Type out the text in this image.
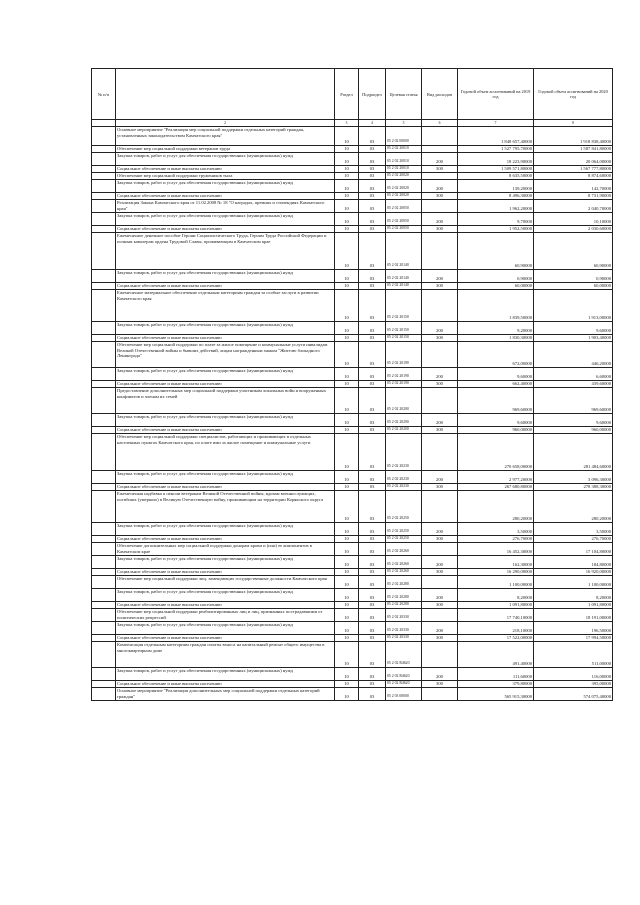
№ п/п		Раздел	Подраздел	Целевая статья	Вид расходов	Годовой объем ассигнований на 2019 год	Годовой объем ассигнований на 2020 год
	2	3	4	5	6	7	8
	Основное мероприятие "Реализация мер социальной поддержки отдельных категорий граждан, установленных законодательством Камчатского края"	10	03	05 2 02 00000		1 848 657,40000	1 918 838,40000
	Обеспечение мер социальной поддержки ветеранов труда	10	03	05 2 02 20010		1 527 795,70000	1 587 841,80000
	Закупка товаров, работ и услуг для обеспечения государственных (муниципальных) нужд	10	03	05 2 02 20010	200	18 223,90000	20 064,00000
	Социальное обеспечение и иные выплаты населению	10	03	05 2 02 20010	300	1 509 571,80000	1 567 777,80000
	Обеспечение мер социальной поддержки тружеников тыла	10	03	05 2 02 20020		8 635,50000	8 874,60000
	Закупка товаров, работ и услуг для обеспечения государственных (муниципальных) нужд	10	03	05 2 02 20020	200	139,20000	142,70000
	Социальное обеспечение и иные выплаты населению	10	03	05 2 02 20020	300	8 496,30000	8 731,90000
	Реализация Закона Камчатского края от 11.02.2008 № 18 "О наградах, премиях и стипендиях Камчатского края"	10	03	05 2 02 20050		1 962,20000	2 040,70000
	Закупка товаров, работ и услуг для обеспечения государственных (муниципальных) нужд	10	03	05 2 02 20050	200	9,70000	10,10000
	Социальное обеспечение и иные выплаты населению	10	03	05 2 02 20050	300	1 952,50000	2 030,60000
	Ежемесячное денежное пособие Героям Социалистического Труда, Героям Труда Российской Федерации и полным кавалерам ордена Трудовой Славы, проживающим в Камчатском крае	10	03	05 2 02 20140		60,90000	60,90000
	Закупка товаров, работ и услуг для обеспечения государственных (муниципальных) нужд	10	03	05 2 02 20140	200	0,90000	0,90000
	Социальное обеспечение и иные выплаты населению	10	03	05 2 02 20140	300	60,00000	60,00000
	Ежемесячное материальное обеспечение отдельным категориям граждан за особые заслуги в развитии Камчатского края	10	03	05 2 02 20150		1 839,50000	1 913,00000
	Закупка товаров, работ и услуг для обеспечения государственных (муниципальных) нужд	10	03	05 2 02 20150	200	9,20000	9,60000
	Социальное обеспечение и иные выплаты населению	10	03	05 2 02 20150	300	1 830,30000	1 903,40000
	Обеспечение мер социальной поддержки по плате за жилое помещение и коммунальные услуги инвалидам Великой Отечественной войны и бывших действий, лицам награжденным знаком "Жителю блокадного Ленинграда"	10	03	05 2 02 20190		672,00000	446,20000
	Закупка товаров, работ и услуг для обеспечения государственных (муниципальных) нужд	10	03	05 2 02 20190	200	9,60000	6,60000
	Социальное обеспечение и иные выплаты населению	10	03	05 2 02 20190	300	662,40000	439,60000
	Предоставление дополнительных мер социальной поддержки участникам локальных войн и вооруженных конфликтов и членам их семей	10	03	05 2 02 20200		969,60000	969,60000
	Закупка товаров, работ и услуг для обеспечения государственных (муниципальных) нужд	10	03	05 2 02 20200	200	9,60000	9,60000
	Социальное обеспечение и иные выплаты населению	10	03	05 2 02 20200	300	960,00000	960,00000
	Обеспечение мер социальной поддержки специалистов, работающих и проживающих в отдельных населенных пунктах Камчатского края, по плате ими за жилое помещение и коммунальные услуги	10	03	05 2 02 20230		270 658,00000	281 484,60000
	Закупка товаров, работ и услуг для обеспечения государственных (муниципальных) нужд	10	03	05 2 02 20230	200	2 977,20000	3 096,30000
	Социальное обеспечение и иные выплаты населению	10	03	05 2 02 20230	300	267 680,80000	278 388,30000
	Ежемесячная надбавка к пенсии ветеранам Великой Отечественной войны, вдовам военнослужащих, погибших (умерших) в Великую Отечественную войну, проживающим на территории Корякского округа	10	03	05 2 02 20250		280,20000	280,20000
	Закупка товаров, работ и услуг для обеспечения государственных (муниципальных) нужд	10	03	05 2 02 20250	200	3,50000	3,50000
	Социальное обеспечение и иные выплаты населению	10	03	05 2 02 20250	300	276,70000	276,70000
	Обеспечение дополнительных мер социальной поддержки донорам крови и (или) ее компонентов в Камчатском крае	10	03	05 2 02 20260		16 452,30000	17 104,80000
	Закупка товаров, работ и услуг для обеспечения государственных (муниципальных) нужд	10	03	05 2 02 20260	200	162,30000	184,80000
	Социальное обеспечение и иные выплаты населению	10	03	05 2 02 20260	300	16 290,00000	16 920,00000
	Обеспечение мер социальной поддержки лиц, замещающих государственные должности Камчатского края	10	03	05 2 02 20280		1 100,00000	1 100,00000
	Закупка товаров, работ и услуг для обеспечения государственных (муниципальных) нужд	10	03	05 2 02 20280	200	8,20000	8,20000
	Социальное обеспечение и иные выплаты населению	10	03	05 2 02 20280	300	1 091,80000	1 091,80000
	Обеспечение мер социальной поддержки реабилитированных лиц и лиц, признанных пострадавшими от политических репрессий	10	03	05 2 02 20330		17 740,10000	18 191,00000
	Закупка товаров, работ и услуг для обеспечения государственных (муниципальных) нужд	10	03	05 2 02 20330	200	218,10000	196,50000
	Социальное обеспечение и иные выплаты населению	10	03	05 2 02 20330	300	17 522,00000	17 994,50000
	Компенсация отдельным категориям граждан оплаты взноса на капитальный ремонт общего имущества в многоквартирном доме	10	03	05 2 02 R4620		491,40000	511,00000
	Закупка товаров, работ и услуг для обеспечения государственных (муниципальных) нужд	10	03	05 2 02 R4620	200	111,60000	116,00000
	Социальное обеспечение и иные выплаты населению	10	03	05 2 02 R4620	300	379,80000	395,00000
	Основное мероприятие "Реализация дополнительных мер социальной поддержки отдельных категорий граждан"	10	03	05 2 03 00000		565 915,30000	574 075,40000
